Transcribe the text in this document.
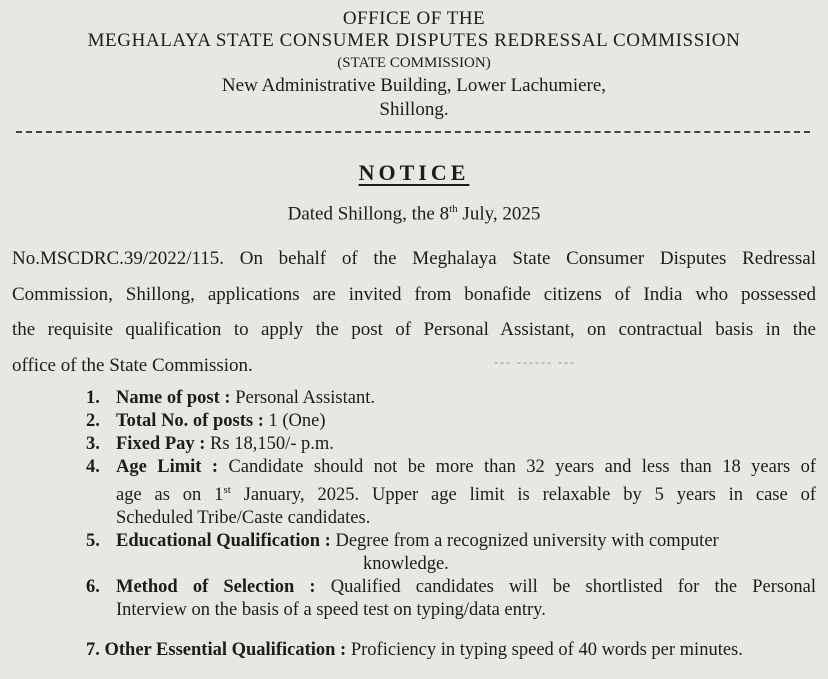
OFFICE OF THE
MEGHALAYA STATE CONSUMER DISPUTES REDRESSAL COMMISSION
(STATE COMMISSION)
New Administrative Building, Lower Lachumiere,
Shillong.
NOTICE
Dated Shillong, the 8th July, 2025
No.MSCDRC.39/2022/115. On behalf of the Meghalaya State Consumer Disputes Redressal
Commission, Shillong, applications are invited from bonafide citizens of India who possessed
the requisite qualification to apply the post of Personal Assistant, on contractual basis in the
office of the State Commission.	--- ------ ---
1. Name of post : Personal Assistant.
2. Total No. of posts : 1 (One)
3. Fixed Pay : Rs 18,150/- p.m.
4. Age Limit : Candidate should not be more than 32 years and less than 18 years of
age as on 1st January, 2025. Upper age limit is relaxable by 5 years in case of
Scheduled Tribe/Caste candidates.
5. Educational Qualification : Degree from a recognized university with computer
knowledge.
6. Method of Selection : Qualified candidates will be shortlisted for the Personal
Interview on the basis of a speed test on typing/data entry.
7. Other Essential Qualification : Proficiency in typing speed of 40 words per minutes.
